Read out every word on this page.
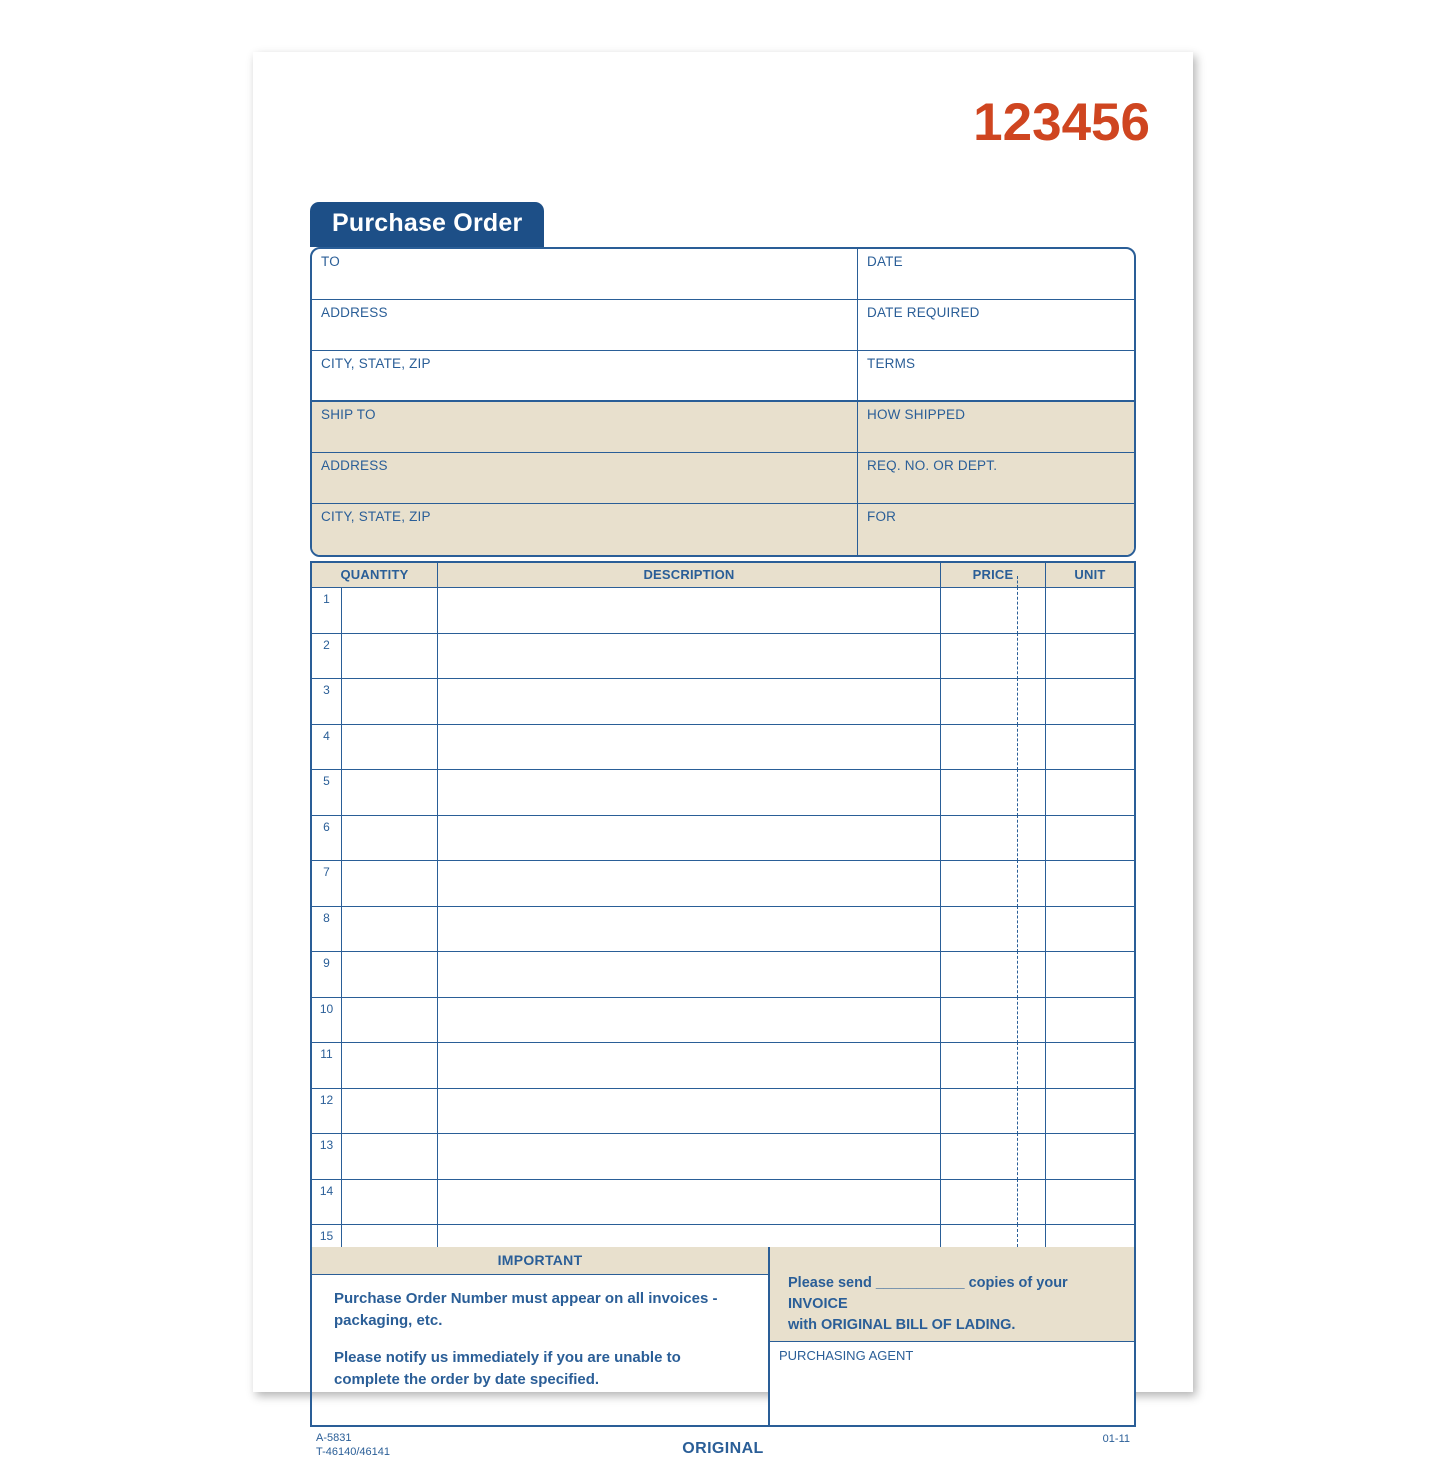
123456
Purchase Order
TO	DATE
ADDRESS	DATE REQUIRED
CITY, STATE, ZIP	TERMS
SHIP TO	HOW SHIPPED
ADDRESS	REQ. NO. OR DEPT.
CITY, STATE, ZIP	FOR
QUANTITY	DESCRIPTION	PRICE	UNIT
1
2
3
4
5
6
7
8
9
10
11
12
13
14
15
IMPORTANT

Purchase Order Number must appear on all invoices - packaging, etc.

Please notify us immediately if you are unable to complete the order by date specified.

Please send ___________ copies of your INVOICE
with ORIGINAL BILL OF LADING.
PURCHASING AGENT
A-5831
T-46140/46141	ORIGINAL
01-11
